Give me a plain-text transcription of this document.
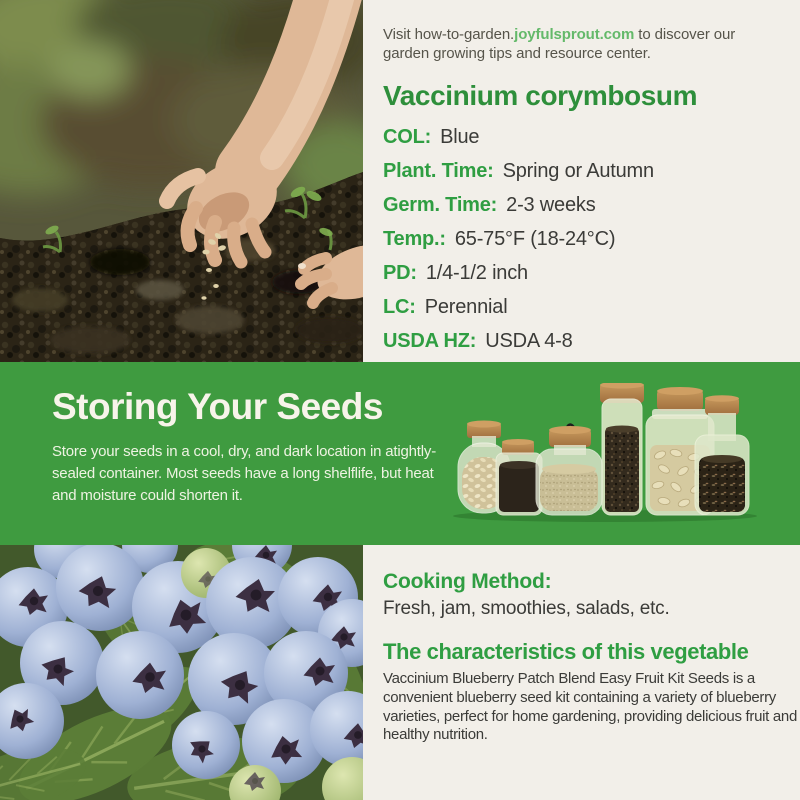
Visit how-to-garden.joyfulsprout.com to discover our garden growing tips and resource center.

Vaccinium corymbosum
COL: Blue
Plant. Time: Spring or Autumn
Germ. Time: 2-3 weeks
Temp.: 65-75°F (18-24°C)
PD: 1/4-1/2 inch
LC: Perennial
USDA HZ: USDA 4-8
Storing Your Seeds

Store your seeds in a cool, dry, and dark location in atightly-sealed container. Most seeds have a long shelflife, but heat and moisture could shorten it.

Cooking Method:

Fresh, jam, smoothies, salads, etc.

The characteristics of this vegetable

Vaccinium Blueberry Patch Blend Easy Fruit Kit Seeds is a convenient blueberry seed kit containing a variety of blueberry varieties, perfect for home gardening, providing delicious fruit and healthy nutrition.
